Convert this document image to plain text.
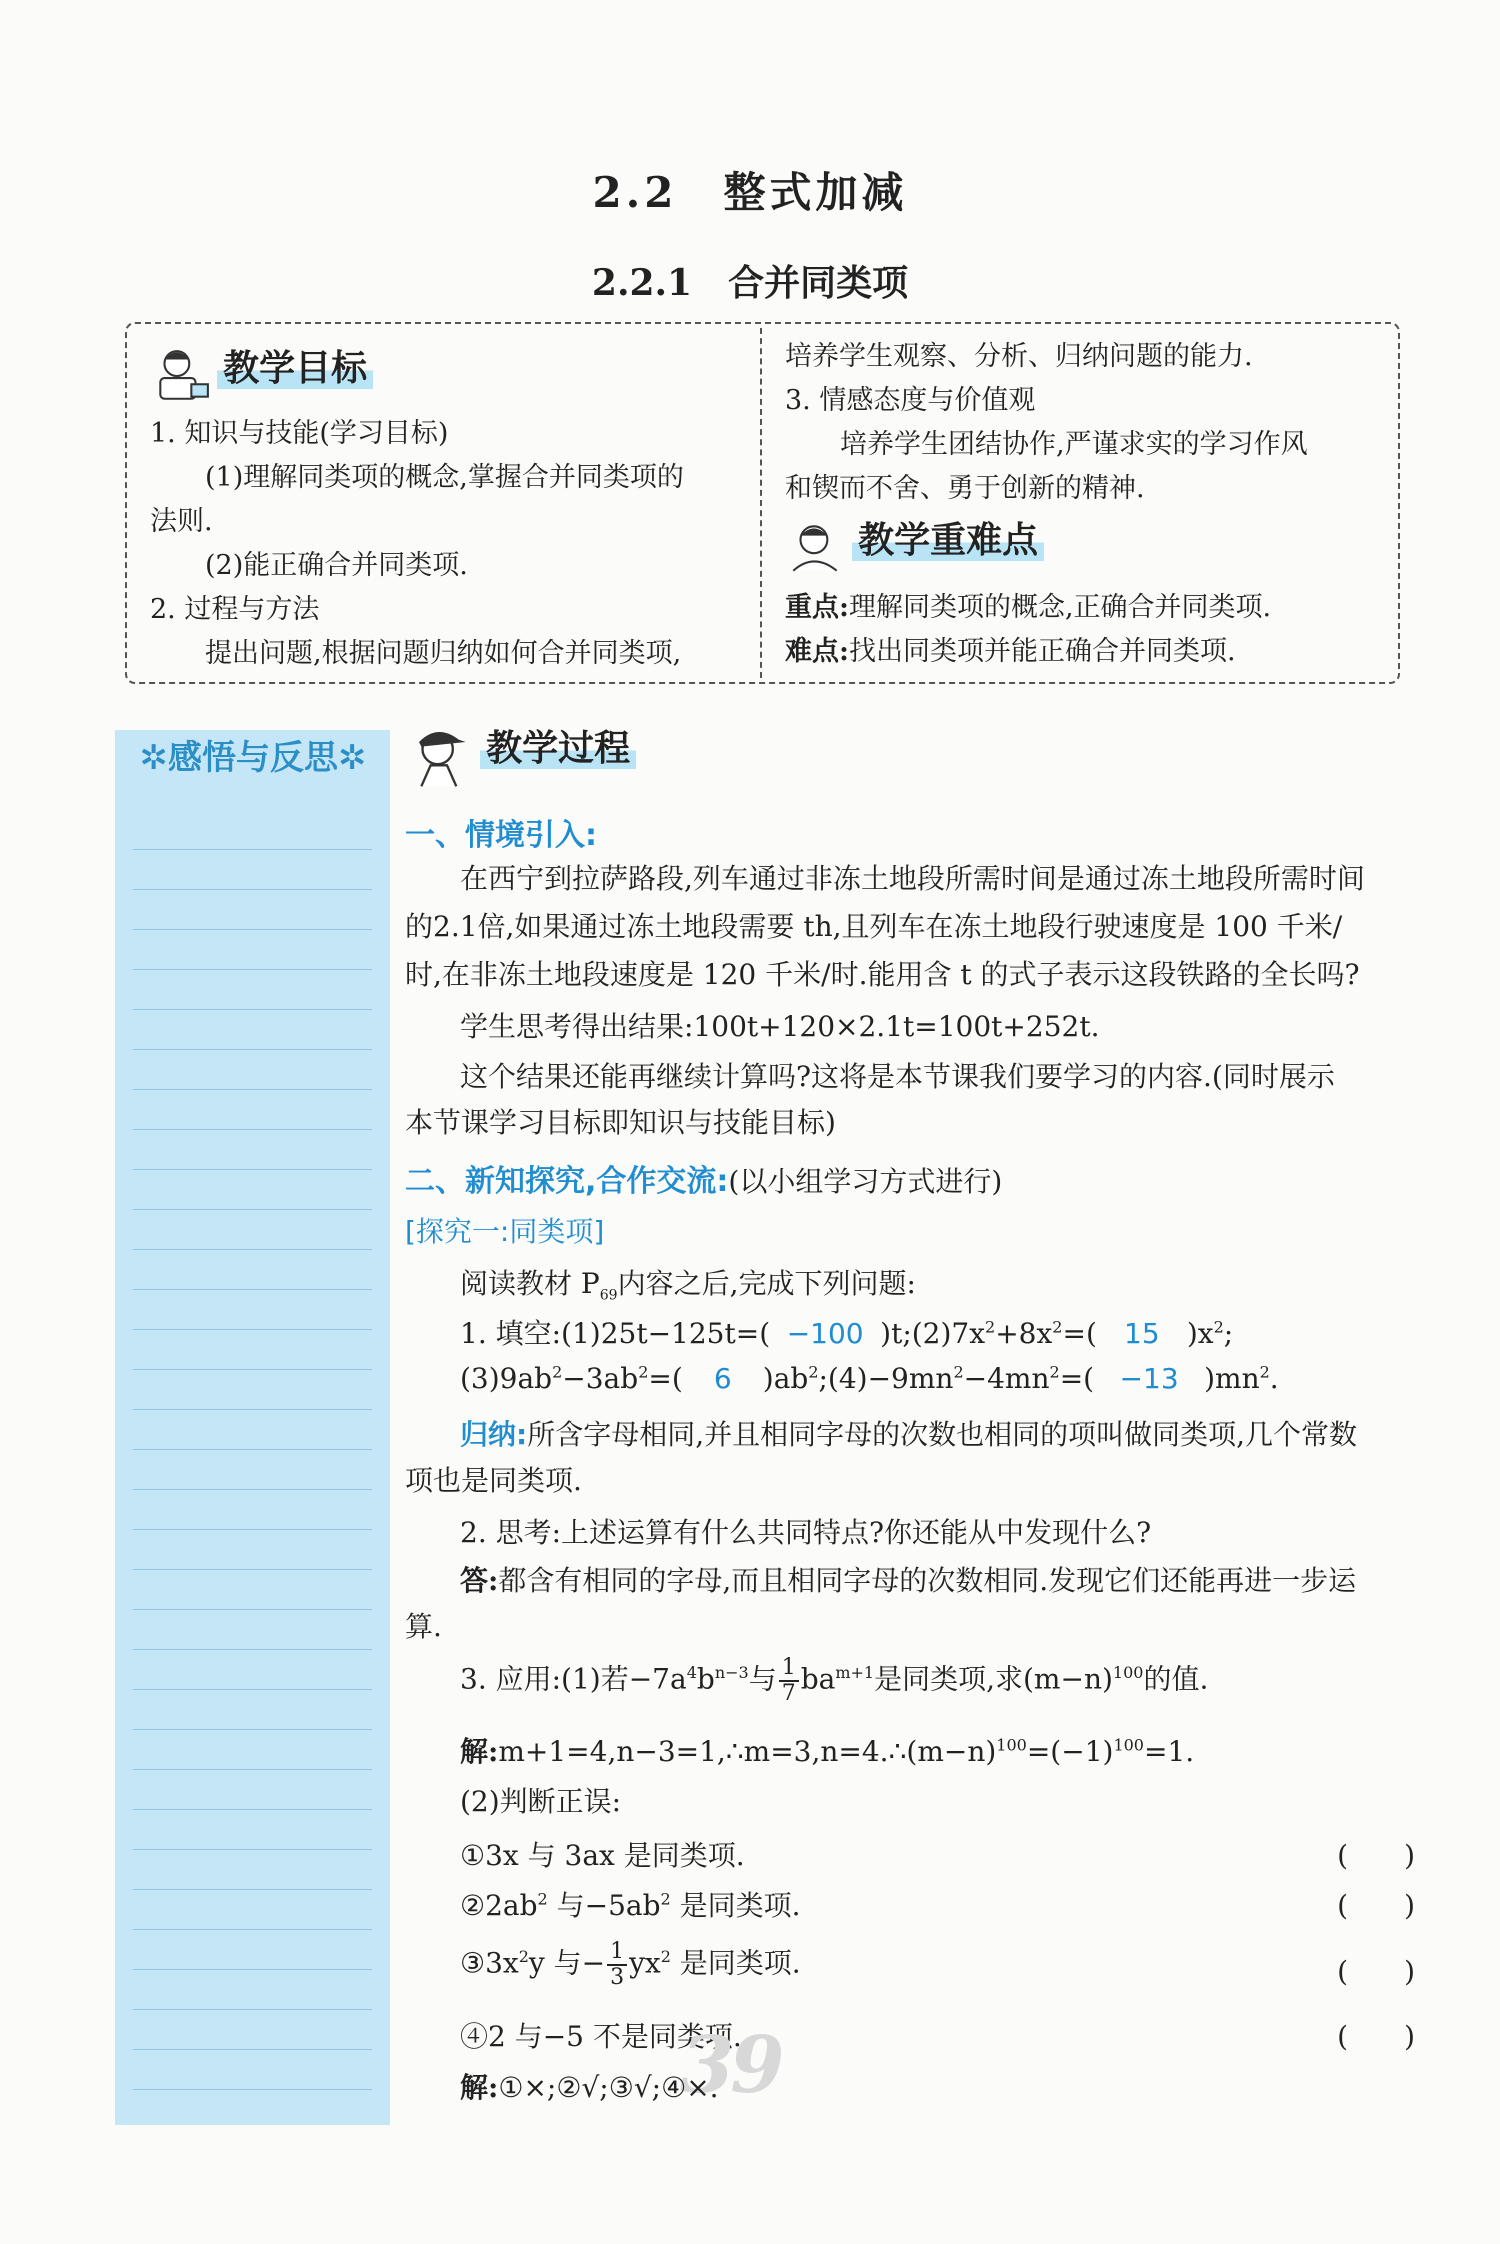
2.2　整式加减
2.2.1　合并同类项
教学目标
1. 知识与技能(学习目标)
(1)理解同类项的概念,掌握合并同类项的
法则.
(2)能正确合并同类项.
2. 过程与方法
提出问题,根据问题归纳如何合并同类项,
培养学生观察、分析、归纳问题的能力.
3. 情感态度与价值观
培养学生团结协作,严谨求实的学习作风
和锲而不舍、勇于创新的精神.
教学重难点
重点:理解同类项的概念,正确合并同类项.
难点:找出同类项并能正确合并同类项.
✲感悟与反思✲	教学过程
一、情境引入:
在西宁到拉萨路段,列车通过非冻土地段所需时间是通过冻土地段所需时间
的2.1倍,如果通过冻土地段需要 th,且列车在冻土地段行驶速度是 100 千米/
时,在非冻土地段速度是 120 千米/时.能用含 t 的式子表示这段铁路的全长吗?
学生思考得出结果:100t+120×2.1t=100t+252t.
这个结果还能再继续计算吗?这将是本节课我们要学习的内容.(同时展示
本节课学习目标即知识与技能目标)
二、新知探究,合作交流:(以小组学习方式进行)
[探究一:同类项]
阅读教材 $P_{69}$内容之后,完成下列问题:
1. 填空:(1)25t−125t=( −100 )$t;(2)7x^2+8x^2=$( 15 )$x^2$;
$(3)9ab^2-3ab^2=$( 6 )$ab^2;(4)-9mn^2-4mn^2=( -13$ )$mn^2$.
归纳:所含字母相同,并且相同字母的次数也相同的项叫做同类项,几个常数
项也是同类项.
2. 思考:上述运算有什么共同特点?你还能从中发现什么?
答:都含有相同的字母,而且相同字母的次数相同.发现它们还能再进一步运
算.
3. 应用:(1)若$-7a^4b^{n-3}$与 $\frac{1}{7} ba^{m+1}$是同类项,求$(m-n)^{100}$的值.
解$:m+1=4,n-3=1,\therefore m=3,n=4.\therefore(m-n)^{100}=(-1)^{100}=1$.
(2)判断正误:
①3x 与 3ax 是同类项.	(　　)
$②2ab^2$ 与$-5ab^2$ 是同类项.	(　　)
$③3x^2y$ 与− $\frac{1}{3} yx^2$ 是同类项.	(　　)
④2 与−5 不是同类项.	(　　)
39
解:①×;②√;③√;④×.
